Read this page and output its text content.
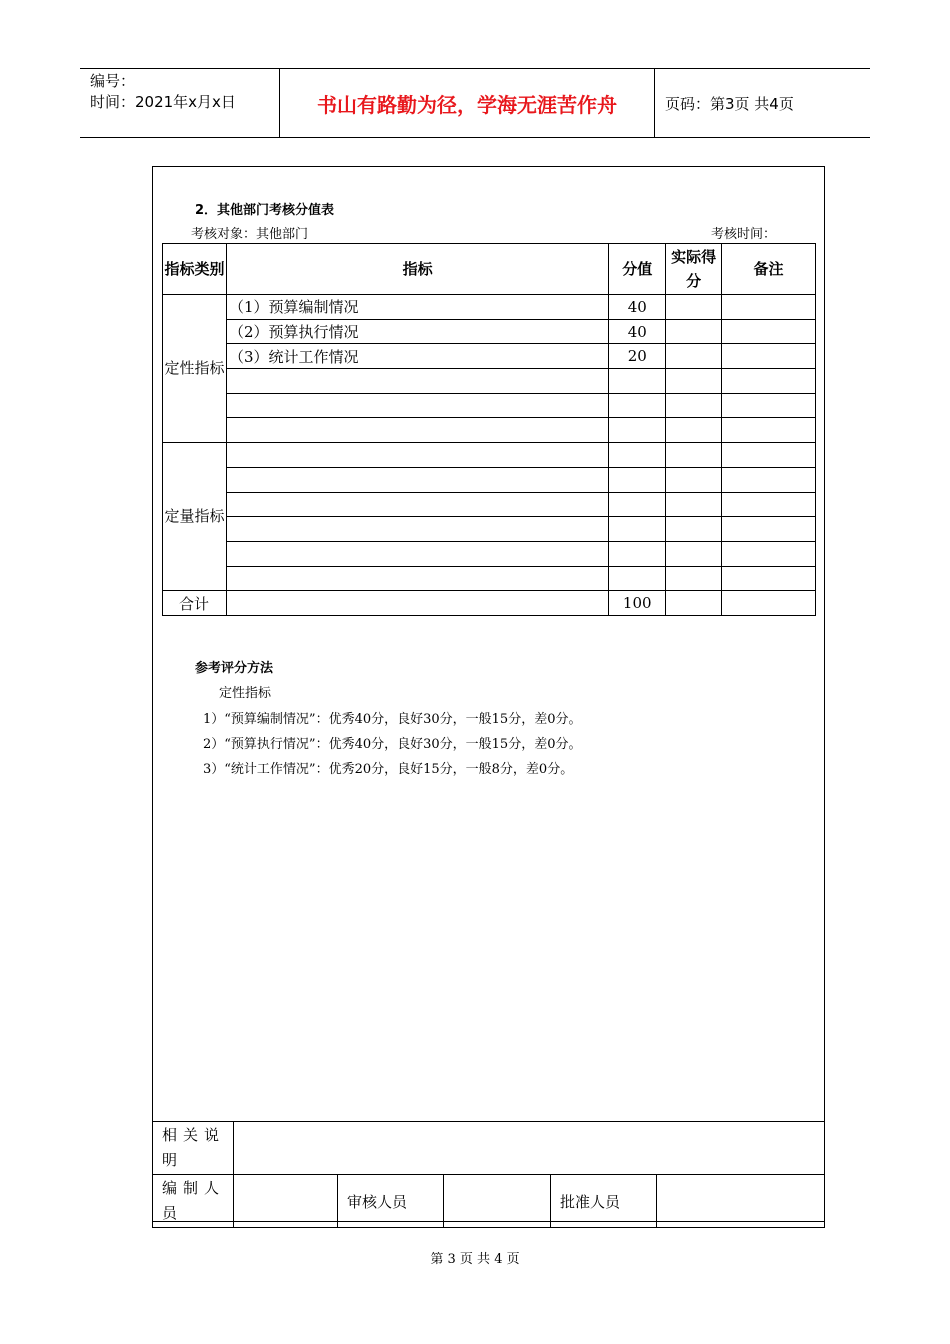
编号：
时间：2021年x月x日	书山有路勤为径，学海无涯苦作舟	页码：第3页 共4页
2．其他部门考核分值表
考核对象：其他部门	考核时间：
指标类别	指标	分值	实际得分	备注
定性指标	（1）预算编制情况	40		
	（2）预算执行情况	40		
	（3）统计工作情况	20		

定量指标				

合计		100		
参考评分方法
定性指标
1）“预算编制情况”：优秀40分，良好30分，一般15分，差0分。
2）“预算执行情况”：优秀40分，良好30分，一般15分，差0分。
3）“统计工作情况”：优秀20分，良好15分，一般8分，差0分。
相关说明					
编制人员		审核人员		批准人员	
第 3 页 共 4 页
